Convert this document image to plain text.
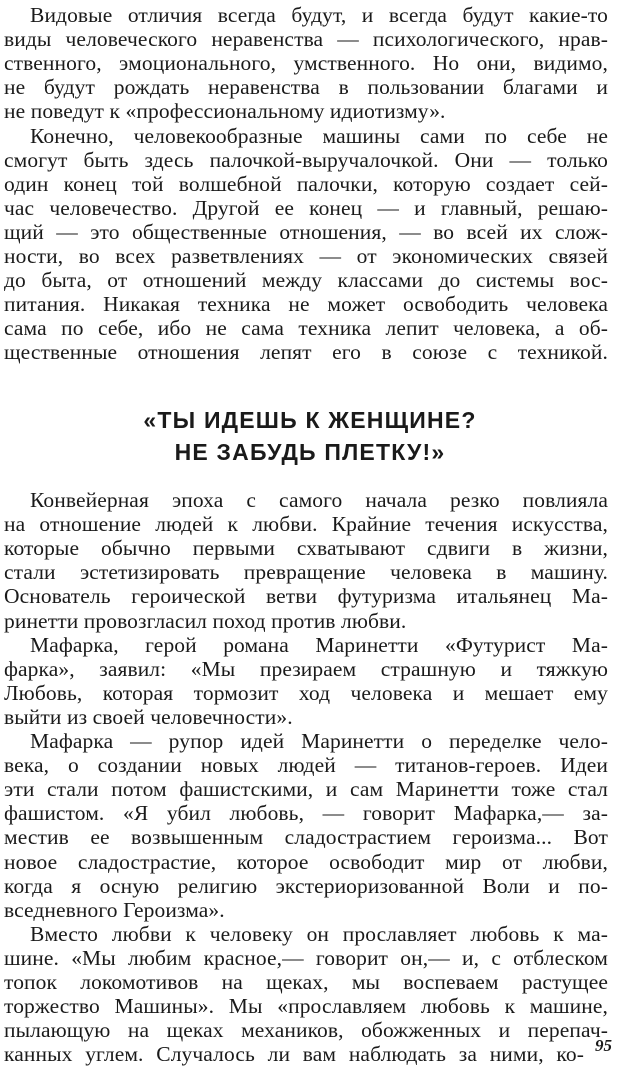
Видовые отличия всегда будут, и всегда будут какие-то
виды человеческого неравенства — психологического, нрав-
ственного, эмоционального, умственного. Но они, видимо,
не будут рождать неравенства в пользовании благами и
не поведут к «профессиональному идиотизму».
Конечно, человекообразные машины сами по себе не
смогут быть здесь палочкой-выручалочкой. Они — только
один конец той волшебной палочки, которую создает сей-
час человечество. Другой ее конец — и главный, решаю-
щий — это общественные отношения, — во всей их слож-
ности, во всех разветвлениях — от экономических связей
до быта, от отношений между классами до системы вос-
питания. Никакая техника не может освободить человека
сама по себе, ибо не сама техника лепит человека, а об-
щественные отношения лепят его в союзе с техникой.
«ТЫ ИДЕШЬ К ЖЕНЩИНЕ?
НЕ ЗАБУДЬ ПЛЕТКУ!»
Конвейерная эпоха с самого начала резко повлияла
на отношение людей к любви. Крайние течения искусства,
которые обычно первыми схватывают сдвиги в жизни,
стали эстетизировать превращение человека в машину.
Основатель героической ветви футуризма итальянец Ма-
ринетти провозгласил поход против любви.
Мафарка, герой романа Маринетти «Футурист Ма-
фарка», заявил: «Мы презираем страшную и тяжкую
Любовь, которая тормозит ход человека и мешает ему
выйти из своей человечности».
Мафарка — рупор идей Маринетти о переделке чело-
века, о создании новых людей — титанов-героев. Идеи
эти стали потом фашистскими, и сам Маринетти тоже стал
фашистом. «Я убил любовь, — говорит Мафарка,— за-
местив ее возвышенным сладострастием героизма... Вот
новое сладострастие, которое освободит мир от любви,
когда я осную религию экстериоризованной Воли и по-
вседневного Героизма».
Вместо любви к человеку он прославляет любовь к ма-
шине. «Мы любим красное,— говорит он,— и, с отблеском
топок локомотивов на щеках, мы воспеваем растущее
торжество Машины». Мы «прославляем любовь к машине,
пылающую на щеках механиков, обожженных и перепач-
канных углем. Случалось ли вам наблюдать за ними, ко- 95
